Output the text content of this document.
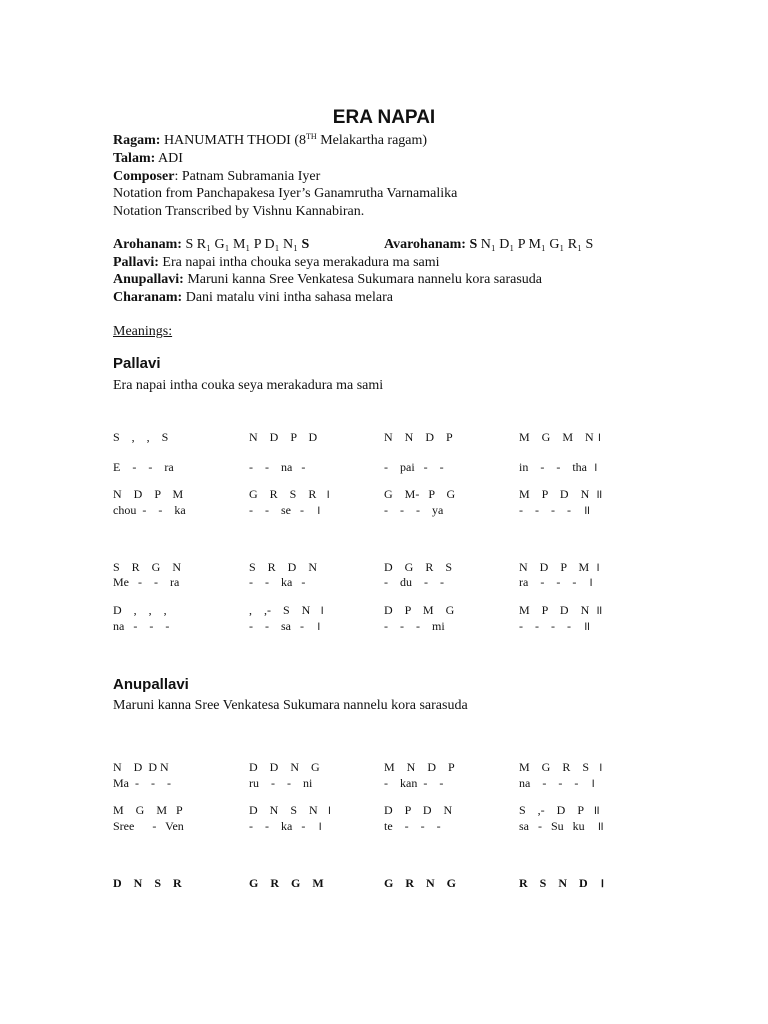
ERA NAPAI
Ragam: HANUMATH THODI (8TH Melakartha ragam)
Talam: ADI
Composer: Patnam Subramania Iyer
Notation from Panchapakesa Iyer’s Ganamrutha Varnamalika
Notation Transcribed by Vishnu Kannabiran.
Arohanam: S R₁ G₁ M₁ P D₁ N₁ S	Avarohanam: S N₁ D₁ P M₁ G₁ R₁ S
Pallavi: Era napai intha chouka seya merakadura ma sami
Anupallavi: Maruni kanna Sree Venkatesa Sukumara nannelu kora sarasuda
Charanam: Dani matalu vini intha sahasa melara
Meanings:
Pallavi
Era napai intha couka seya merakadura ma sami
S    ,    ,    S	N    D    P    D	N    N    D    P	M    G    M    N ।
E    -    -    ra	-    -    na   -	-    pai   -    -	in    -    -    tha  ।
N    D    P    M	G    R    S    R   ।	G    M-   P    G	M    P    D    N  ॥
chou  -    -    ka	-    -    se   -    ।	-    -    -    ya	-    -    -    -    ॥
S    R    G    N	S    R    D    N	D    G    R    S	N    D    P    M  ।
Me   -    -    ra	-    -    ka   -	-    du    -    -	ra    -    -    -    ।
D    ,    ,    ,	,    ,-    S    N   ।	D    P    M    G	M    P    D    N  ॥
na   -    -    -	-    -    sa   -    ।	-    -    -    mi	-    -    -    -    ॥
Anupallavi
Maruni kanna Sree Venkatesa Sukumara nannelu kora sarasuda
N    D  D N	D    D    N    G	M    N    D    P	M    G    R    S   ।
Ma  -    -    -	ru    -    -    ni	-    kan  -    -	na    -    -    -    ।
M    G    M   P	D    N    S    N   ।	D    P    D    N	S    ,-    D    P   ॥
Sree      -   Ven	-    -    ka   -    ।	te    -    -    -	sa   -   Su   ku    ॥
D    N    S    R	G    R    G    M	G    R    N    G	R    S    N    D    ।
